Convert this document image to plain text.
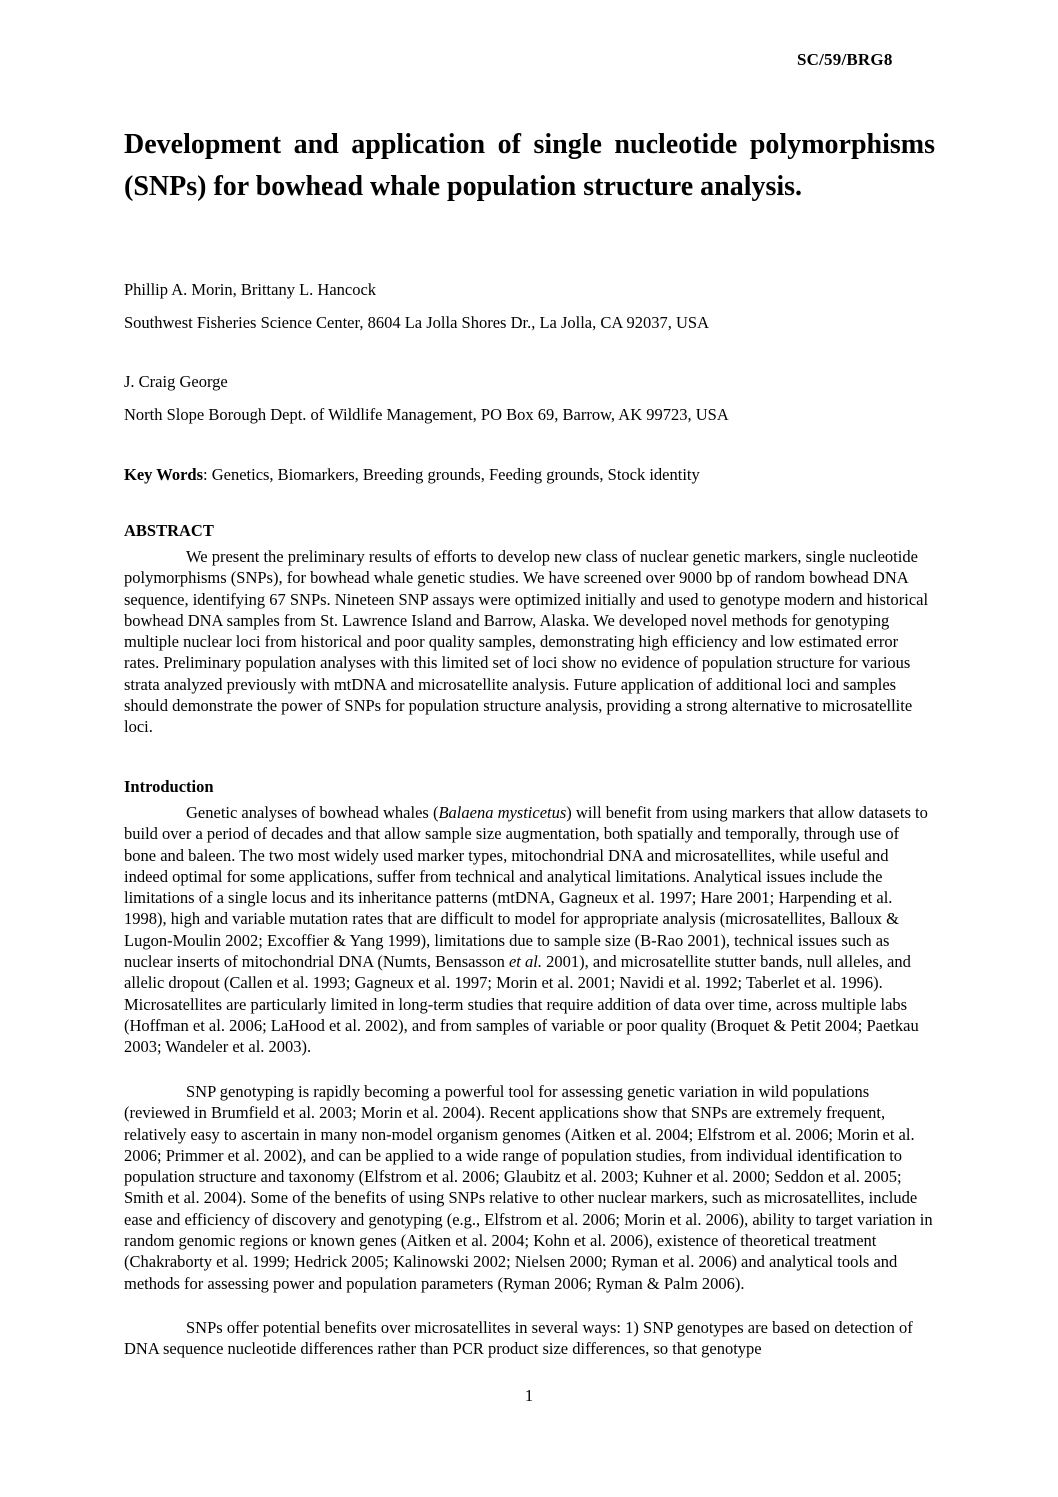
SC/59/BRG8
Development and application of single nucleotide polymorphisms (SNPs) for bowhead whale population structure analysis.
Phillip A. Morin, Brittany L. Hancock
Southwest Fisheries Science Center, 8604 La Jolla Shores Dr., La Jolla, CA 92037, USA
J. Craig George
North Slope Borough Dept. of Wildlife Management, PO Box 69, Barrow, AK 99723, USA
Key Words: Genetics, Biomarkers, Breeding grounds, Feeding grounds, Stock identity
ABSTRACT
We present the preliminary results of efforts to develop new class of nuclear genetic markers, single nucleotide polymorphisms (SNPs), for bowhead whale genetic studies. We have screened over 9000 bp of random bowhead DNA sequence, identifying 67 SNPs. Nineteen SNP assays were optimized initially and used to genotype modern and historical bowhead DNA samples from St. Lawrence Island and Barrow, Alaska. We developed novel methods for genotyping multiple nuclear loci from historical and poor quality samples, demonstrating high efficiency and low estimated error rates. Preliminary population analyses with this limited set of loci show no evidence of population structure for various strata analyzed previously with mtDNA and microsatellite analysis. Future application of additional loci and samples should demonstrate the power of SNPs for population structure analysis, providing a strong alternative to microsatellite loci.
Introduction
Genetic analyses of bowhead whales (Balaena mysticetus) will benefit from using markers that allow datasets to build over a period of decades and that allow sample size augmentation, both spatially and temporally, through use of bone and baleen. The two most widely used marker types, mitochondrial DNA and microsatellites, while useful and indeed optimal for some applications, suffer from technical and analytical limitations. Analytical issues include the limitations of a single locus and its inheritance patterns (mtDNA, Gagneux et al. 1997; Hare 2001; Harpending et al. 1998), high and variable mutation rates that are difficult to model for appropriate analysis (microsatellites, Balloux & Lugon-Moulin 2002; Excoffier & Yang 1999), limitations due to sample size (B-Rao 2001), technical issues such as nuclear inserts of mitochondrial DNA (Numts, Bensasson et al. 2001), and microsatellite stutter bands, null alleles, and allelic dropout (Callen et al. 1993; Gagneux et al. 1997; Morin et al. 2001; Navidi et al. 1992; Taberlet et al. 1996). Microsatellites are particularly limited in long-term studies that require addition of data over time, across multiple labs (Hoffman et al. 2006; LaHood et al. 2002), and from samples of variable or poor quality (Broquet & Petit 2004; Paetkau 2003; Wandeler et al. 2003).
SNP genotyping is rapidly becoming a powerful tool for assessing genetic variation in wild populations (reviewed in Brumfield et al. 2003; Morin et al. 2004). Recent applications show that SNPs are extremely frequent, relatively easy to ascertain in many non-model organism genomes (Aitken et al. 2004; Elfstrom et al. 2006; Morin et al. 2006; Primmer et al. 2002), and can be applied to a wide range of population studies, from individual identification to population structure and taxonomy (Elfstrom et al. 2006; Glaubitz et al. 2003; Kuhner et al. 2000; Seddon et al. 2005; Smith et al. 2004). Some of the benefits of using SNPs relative to other nuclear markers, such as microsatellites, include ease and efficiency of discovery and genotyping (e.g., Elfstrom et al. 2006; Morin et al. 2006), ability to target variation in random genomic regions or known genes (Aitken et al. 2004; Kohn et al. 2006), existence of theoretical treatment (Chakraborty et al. 1999; Hedrick 2005; Kalinowski 2002; Nielsen 2000; Ryman et al. 2006) and analytical tools and methods for assessing power and population parameters (Ryman 2006; Ryman & Palm 2006).
SNPs offer potential benefits over microsatellites in several ways: 1) SNP genotypes are based on detection of DNA sequence nucleotide differences rather than PCR product size differences, so that genotype
1
